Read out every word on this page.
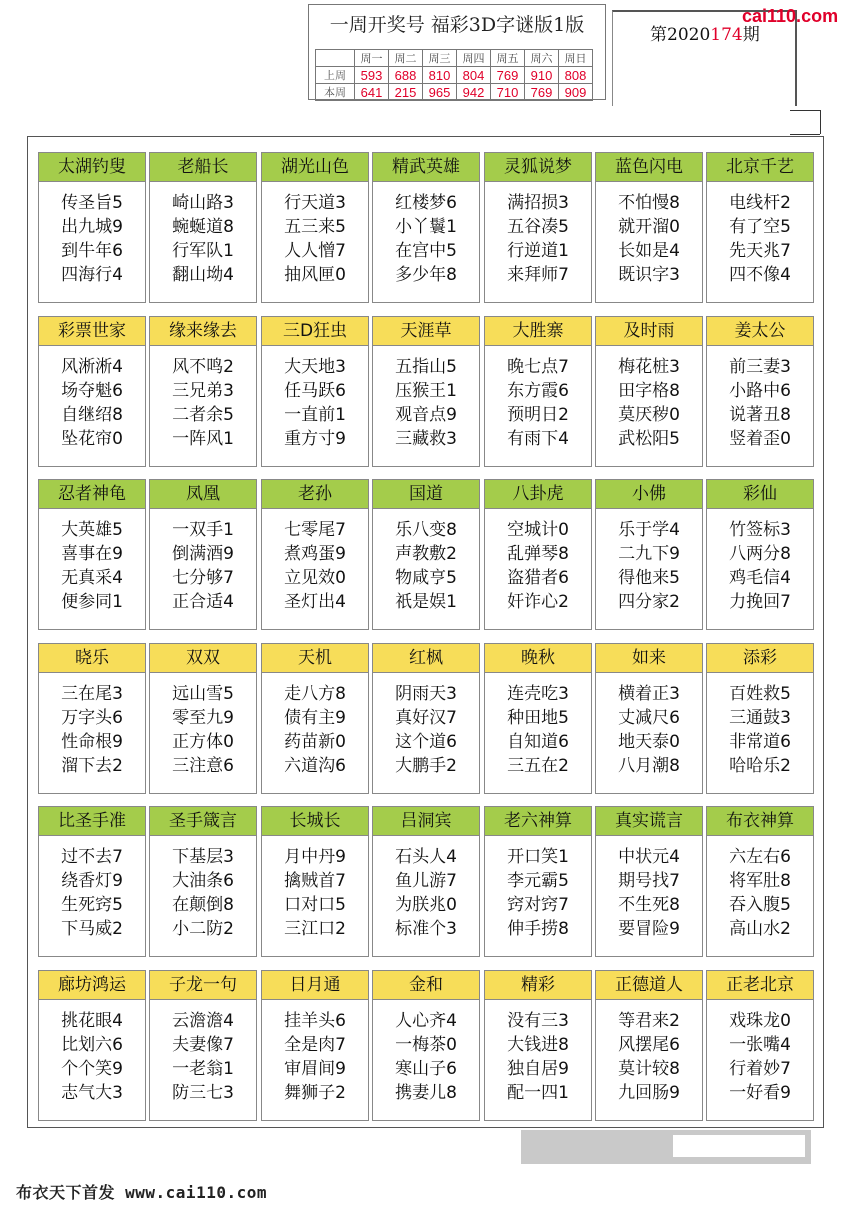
一周开奖号 福彩3D字谜版1版
	周一	周二	周三	周四	周五	周六	周日
上周	593	688	810	804	769	910	808
本周	641	215	965	942	710	769	909
第2020174期
cai110.com
太湖钓叟
传圣旨5
出九城9
到牛年6
四海行4
老船长
崎山路3
蜿蜒道8
行军队1
翻山坳4
湖光山色
行天道3
五三来5
人人憎7
抽风匣0
精武英雄
红楼梦6
小丫鬟1
在宫中5
多少年8
灵狐说梦
满招损3
五谷凑5
行逆道1
来拜师7
蓝色闪电
不怕慢8
就开溜0
长如是4
既识字3
北京千艺
电线杆2
有了空5
先天兆7
四不像4
彩票世家
风淅淅4
场夺魁6
自继绍8
坠花帘0
缘来缘去
风不鸣2
三兄弟3
二者余5
一阵风1
三D狂虫
大天地3
任马跃6
一直前1
重方寸9
天涯草
五指山5
压猴王1
观音点9
三藏救3
大胜寨
晚七点7
东方霞6
预明日2
有雨下4
及时雨
梅花桩3
田字格8
莫厌秽0
武松阳5
姜太公
前三妻3
小路中6
说著丑8
竖着歪0
忍者神龟
大英雄5
喜事在9
无真采4
便参同1
凤凰
一双手1
倒满酒9
七分够7
正合适4
老孙
七零尾7
煮鸡蛋9
立见效0
圣灯出4
国道
乐八变8
声教敷2
物咸亨5
祇是娱1
八卦虎
空城计0
乱弹琴8
盗猎者6
奸诈心2
小佛
乐于学4
二九下9
得他来5
四分家2
彩仙
竹签标3
八两分8
鸡毛信4
力挽回7
晓乐
三在尾3
万字头6
性命根9
溜下去2
双双
远山雪5
零至九9
正方体0
三注意6
天机
走八方8
债有主9
药苗新0
六道沟6
红枫
阴雨天3
真好汉7
这个道6
大鹏手2
晚秋
连壳吃3
种田地5
自知道6
三五在2
如来
横着正3
丈减尺6
地天泰0
八月潮8
添彩
百姓救5
三通鼓3
非常道6
哈哈乐2
比圣手准
过不去7
绕香灯9
生死窍5
下马威2
圣手箴言
下基层3
大油条6
在颠倒8
小二防2
长城长
月中丹9
擒贼首7
口对口5
三江口2
吕洞宾
石头人4
鱼儿游7
为朕兆0
标准个3
老六神算
开口笑1
李元霸5
窍对窍7
伸手捞8
真实谎言
中状元4
期号找7
不生死8
要冒险9
布衣神算
六左右6
将军肚8
吞入腹5
高山水2
廊坊鸿运
挑花眼4
比划六6
个个笑9
志气大3
子龙一句
云澹澹4
夫妻像7
一老翁1
防三七3
日月通
挂羊头6
全是肉7
审眉间9
舞狮子2
金和
人心齐4
一梅茶0
寒山子6
携妻儿8
精彩
没有三3
大钱进8
独自居9
配一四1
正德道人
等君来2
风摆尾6
莫计较8
九回肠9
正老北京
戏珠龙0
一张嘴4
行着妙7
一好看9
布衣天下首发 www.cai110.com
